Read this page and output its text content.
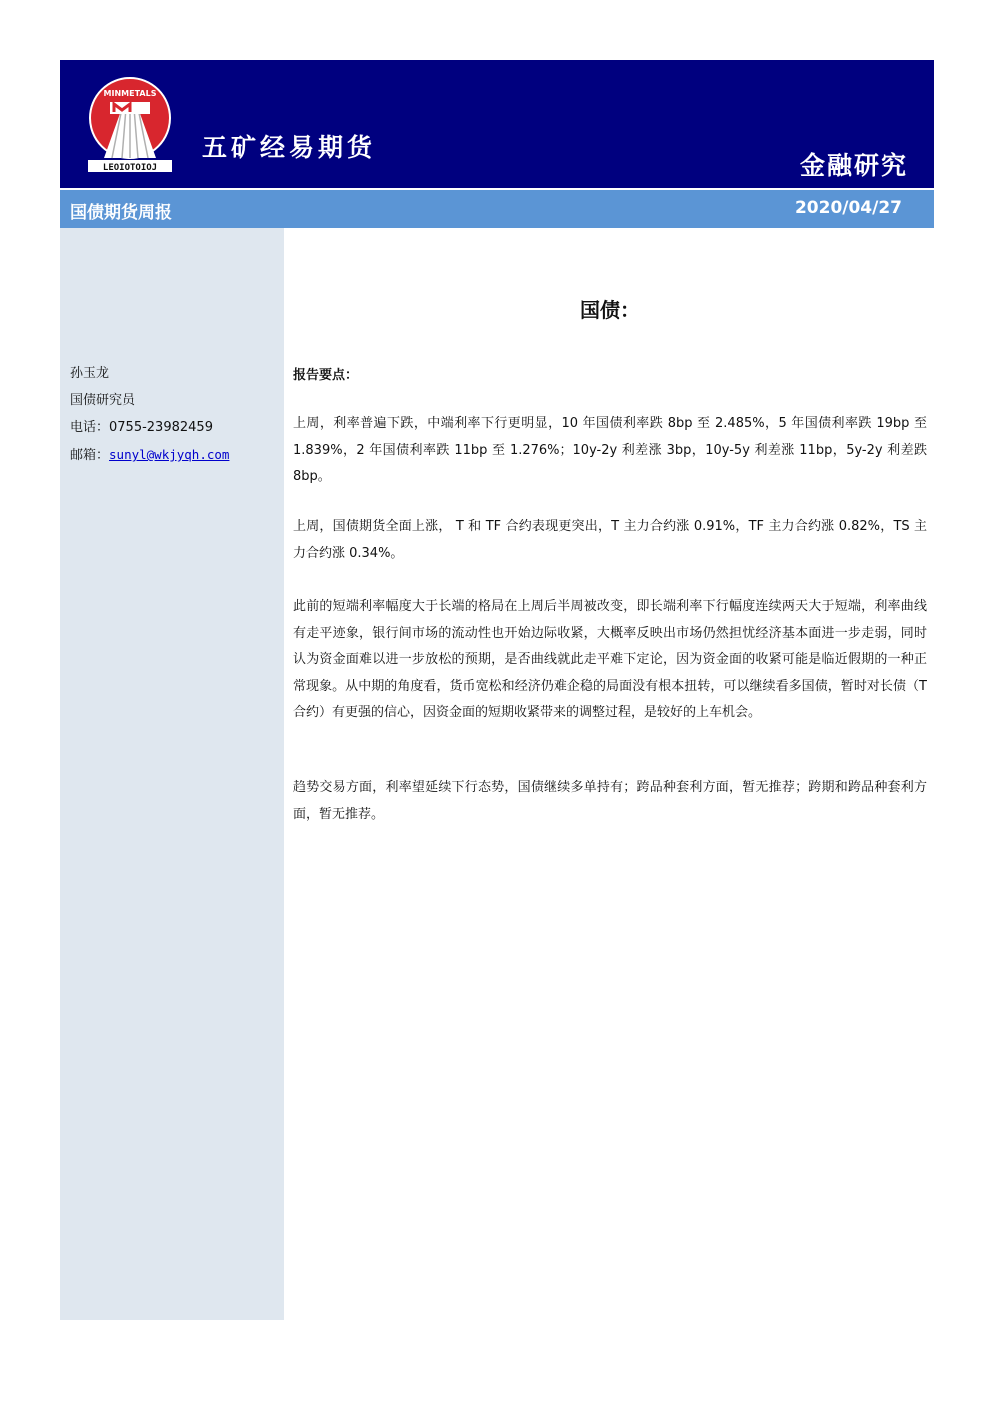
MINMETALS
LEOIOTOIOJ
五矿经易期货
金融研究
国债期货周报	2020/04/27
孙玉龙
国债研究员
电话：0755-23982459
邮箱：sunyl@wkjyqh.com
国债：
报告要点：

上周，利率普遍下跌，中端利率下行更明显，10 年国债利率跌 8bp 至 2.485%，5 年国债利率跌 19bp 至 1.839%，2 年国债利率跌 11bp 至 1.276%；10y-2y 利差涨 3bp，10y-5y 利差涨 11bp，5y-2y 利差跌 8bp。

上周，国债期货全面上涨， T 和 TF 合约表现更突出，T 主力合约涨 0.91%，TF 主力合约涨 0.82%，TS 主力合约涨 0.34%。

此前的短端利率幅度大于长端的格局在上周后半周被改变，即长端利率下行幅度连续两天大于短端，利率曲线有走平迹象，银行间市场的流动性也开始边际收紧，大概率反映出市场仍然担忧经济基本面进一步走弱，同时认为资金面难以进一步放松的预期，是否曲线就此走平难下定论，因为资金面的收紧可能是临近假期的一种正常现象。从中期的角度看，货币宽松和经济仍难企稳的局面没有根本扭转，可以继续看多国债，暂时对长债（T 合约）有更强的信心，因资金面的短期收紧带来的调整过程，是较好的上车机会。

趋势交易方面，利率望延续下行态势，国债继续多单持有；跨品种套利方面，暂无推荐；跨期和跨品种套利方面，暂无推荐。
